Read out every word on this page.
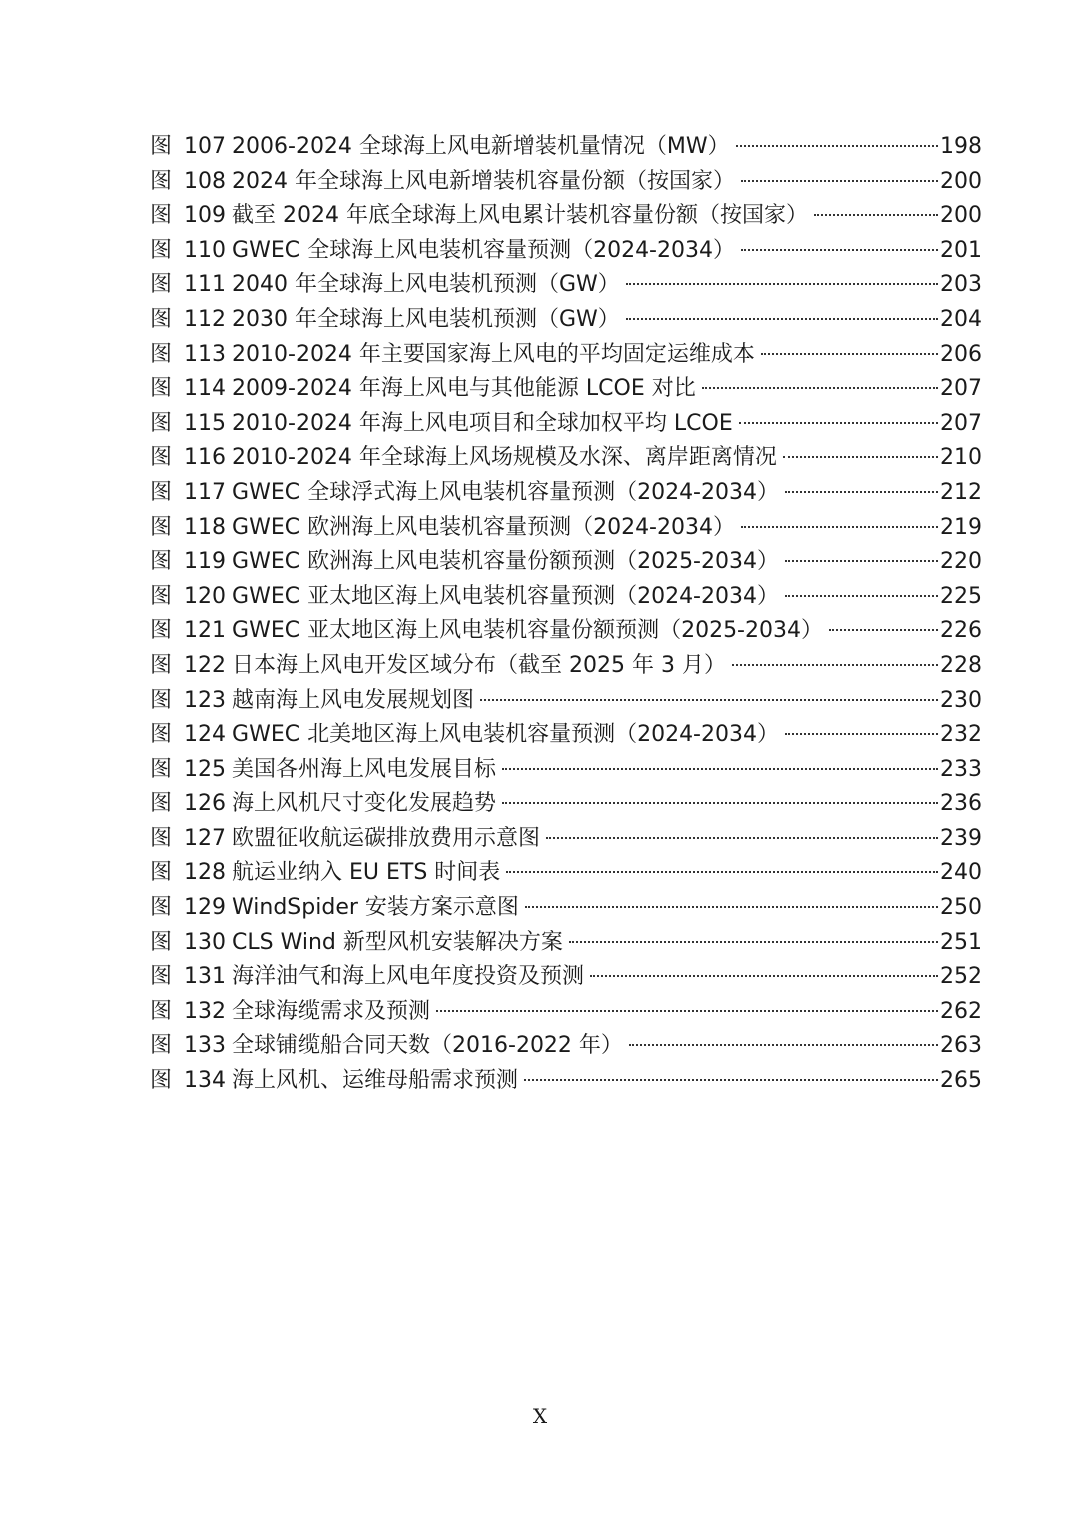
图 107 2006-2024 全球海上风电新增装机量情况（MW）	198
图 108 2024 年全球海上风电新增装机容量份额（按国家）	200
图 109 截至 2024 年底全球海上风电累计装机容量份额（按国家）	200
图 110 GWEC 全球海上风电装机容量预测（2024-2034）	201
图 111 2040 年全球海上风电装机预测（GW）	203
图 112 2030 年全球海上风电装机预测（GW）	204
图 113 2010-2024 年主要国家海上风电的平均固定运维成本	206
图 114 2009-2024 年海上风电与其他能源 LCOE 对比	207
图 115 2010-2024 年海上风电项目和全球加权平均 LCOE	207
图 116 2010-2024 年全球海上风场规模及水深、离岸距离情况	210
图 117 GWEC 全球浮式海上风电装机容量预测（2024-2034）	212
图 118 GWEC 欧洲海上风电装机容量预测（2024-2034）	219
图 119 GWEC 欧洲海上风电装机容量份额预测（2025-2034）	220
图 120 GWEC 亚太地区海上风电装机容量预测（2024-2034）	225
图 121 GWEC 亚太地区海上风电装机容量份额预测（2025-2034）	226
图 122 日本海上风电开发区域分布（截至 2025 年 3 月）	228
图 123 越南海上风电发展规划图	230
图 124 GWEC 北美地区海上风电装机容量预测（2024-2034）	232
图 125 美国各州海上风电发展目标	233
图 126 海上风机尺寸变化发展趋势	236
图 127 欧盟征收航运碳排放费用示意图	239
图 128 航运业纳入 EU ETS 时间表	240
图 129 WindSpider 安装方案示意图	250
图 130 CLS Wind 新型风机安装解决方案	251
图 131 海洋油气和海上风电年度投资及预测	252
图 132 全球海缆需求及预测	262
图 133 全球铺缆船合同天数（2016-2022 年）	263
图 134 海上风机、运维母船需求预测	265
X
